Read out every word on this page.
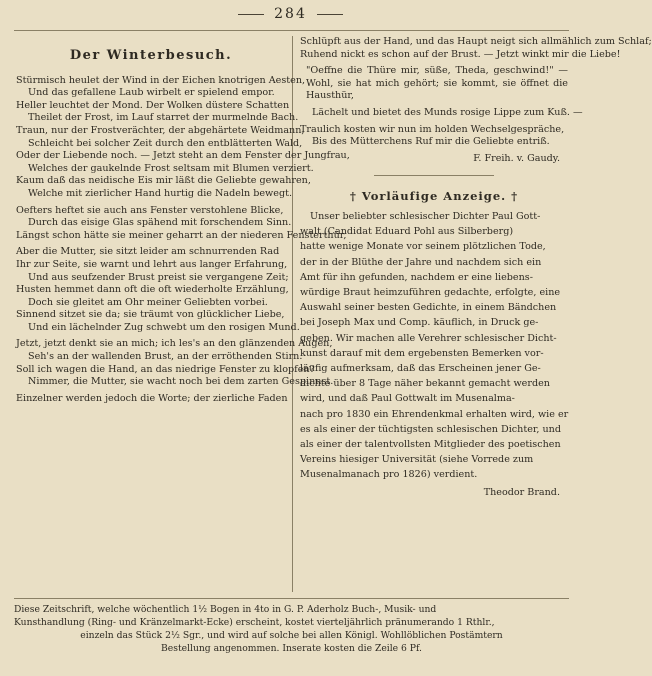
284
Der Winterbesuch.
Stürmisch heulet der Wind in der Eichen knotrigen Aesten,
Und das gefallene Laub wirbelt er spielend empor.
Heller leuchtet der Mond. Der Wolken düstere Schatten
Theilet der Frost, im Lauf starret der murmelnde Bach.
Traun, nur der Frostverächter, der abgehärtete Weidmann,
Schleicht bei solcher Zeit durch den entblätterten Wald,
Oder der Liebende noch. — Jetzt steht an dem Fenster der Jungfrau,
Welches der gaukelnde Frost seltsam mit Blumen verziert.
Kaum daß das neidische Eis mir läßt die Geliebte gewahren,
Welche mit zierlicher Hand hurtig die Nadeln bewegt.
Oefters heftet sie auch ans Fenster verstohlene Blicke,
Durch das eisige Glas spähend mit forschendem Sinn.
Längst schon hätte sie meiner geharrt an der niederen Fensterthür,
Aber die Mutter, sie sitzt leider am schnurrenden Rad
Ihr zur Seite, sie warnt und lehrt aus langer Erfahrung,
Und aus seufzender Brust preist sie vergangene Zeit;
Husten hemmet dann oft die oft wiederholte Erzählung,
Doch sie gleitet am Ohr meiner Geliebten vorbei.
Sinnend sitzet sie da; sie träumt von glücklicher Liebe,
Und ein lächelnder Zug schwebt um den rosigen Mund.
Jetzt, jetzt denkt sie an mich; ich les's an den glänzenden Augen,
Seh's an der wallenden Brust, an der erröthenden Stirn.
Soll ich wagen die Hand, an das niedrige Fenster zu klopfen?
Nimmer, die Mutter, sie wacht noch bei dem zarten Gespinnst.
Einzelner werden jedoch die Worte; der zierliche Faden
Schlüpft aus der Hand, und das Haupt neigt sich allmählich zum Schlaf;
Ruhend nickt es schon auf der Brust. — Jetzt winkt mir die Liebe!
"Oeffne die Thüre mir, süße, Theda, geschwind!" — Wohl, sie hat mich gehört; sie kommt, sie öffnet die Hausthür,
Lächelt und bietet des Munds rosige Lippe zum Kuß. —
Traulich kosten wir nun im holden Wechselgespräche,
Bis des Mütterchens Ruf mir die Geliebte entriß.
F. Freih. v. Gaudy.
† Vorläufige Anzeige. †
Unser beliebter schlesischer Dichter Paul Gott-
walt (Candidat Eduard Pohl aus Silberberg)
hatte wenige Monate vor seinem plötzlichen Tode,
der in der Blüthe der Jahre und nachdem sich ein
Amt für ihn gefunden, nachdem er eine liebens-
würdige Braut heimzuführen gedachte, erfolgte, eine
Auswahl seiner besten Gedichte, in einem Bändchen
bei Joseph Max und Comp. käuflich, in Druck ge-
geben. Wir machen alle Verehrer schlesischer Dicht-
kunst darauf mit dem ergebensten Bemerken vor-
läufig aufmerksam, daß das Erscheinen jener Ge-
dichte über 8 Tage näher bekannt gemacht werden
wird, und daß Paul Gottwalt im Musenalma-
nach pro 1830 ein Ehrendenkmal erhalten wird, wie er
es als einer der tüchtigsten schlesischen Dichter, und
als einer der talentvollsten Mitglieder des poetischen
Vereins hiesiger Universität (siehe Vorrede zum
Musenalmanach pro 1826) verdient.
Theodor Brand.
Diese Zeitschrift, welche wöchentlich 1½ Bogen in 4to in G. P. Aderholz Buch-, Musik- und
Kunsthandlung (Ring- und Kränzelmarkt-Ecke) erscheint, kostet vierteljährlich pränumerando 1 Rthlr.,
einzeln das Stück 2½ Sgr., und wird auf solche bei allen Königl. Wohllöblichen Postämtern
Bestellung angenommen. Inserate kosten die Zeile 6 Pf.
